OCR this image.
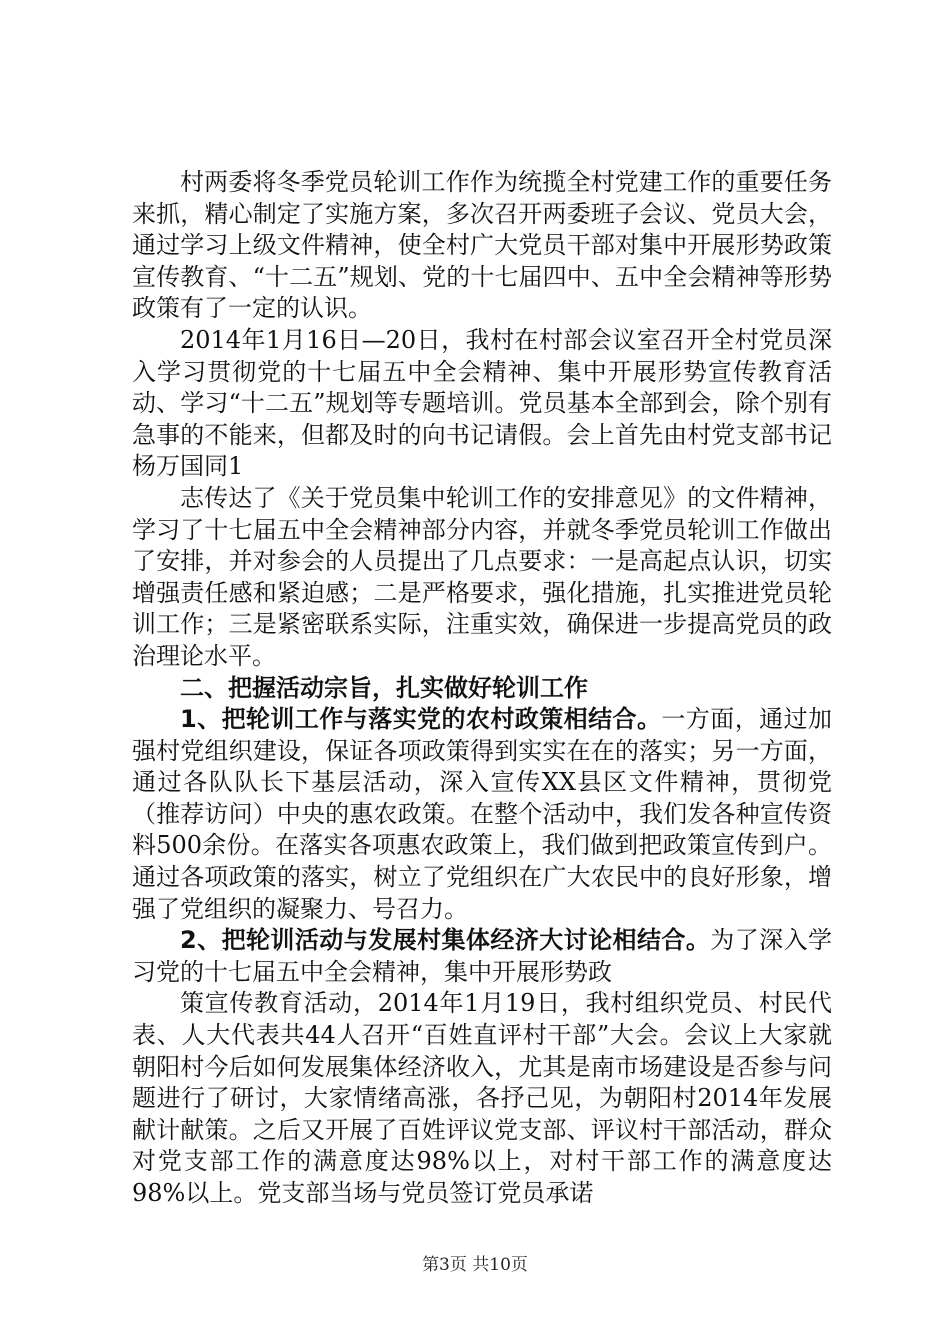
村两委将冬季党员轮训工作作为统揽全村党建工作的重要任务来抓，精心制定了实施方案，多次召开两委班子会议、党员大会，通过学习上级文件精神，使全村广大党员干部对集中开展形势政策宣传教育、“十二五”规划、党的十七届四中、五中全会精神等形势政策有了一定的认识。

2014年1月16日—20日，我村在村部会议室召开全村党员深入学习贯彻党的十七届五中全会精神、集中开展形势宣传教育活动、学习“十二五”规划等专题培训。党员基本全部到会，除个别有急事的不能来，但都及时的向书记请假。会上首先由村党支部书记杨万国同1

志传达了《关于党员集中轮训工作的安排意见》的文件精神，学习了十七届五中全会精神部分内容，并就冬季党员轮训工作做出了安排，并对参会的人员提出了几点要求：一是高起点认识，切实增强责任感和紧迫感；二是严格要求，强化措施，扎实推进党员轮训工作；三是紧密联系实际，注重实效，确保进一步提高党员的政治理论水平。

二、把握活动宗旨，扎实做好轮训工作

1、把轮训工作与落实党的农村政策相结合。一方面，通过加强村党组织建设，保证各项政策得到实实在在的落实；另一方面，通过各队队长下基层活动，深入宣传XX县区文件精神，贯彻党（推荐访问）中央的惠农政策。在整个活动中，我们发各种宣传资料500余份。在落实各项惠农政策上，我们做到把政策宣传到户。通过各项政策的落实，树立了党组织在广大农民中的良好形象，增强了党组织的凝聚力、号召力。

2、把轮训活动与发展村集体经济大讨论相结合。为了深入学习党的十七届五中全会精神，集中开展形势政

策宣传教育活动，2014年1月19日，我村组织党员、村民代表、人大代表共44人召开“百姓直评村干部”大会。会议上大家就朝阳村今后如何发展集体经济收入，尤其是南市场建设是否参与问题进行了研讨，大家情绪高涨，各抒己见，为朝阳村2014年发展献计献策。之后又开展了百姓评议党支部、评议村干部活动，群众对党支部工作的满意度达98%以上，对村干部工作的满意度达98%以上。党支部当场与党员签订党员承诺

第3页 共10页
